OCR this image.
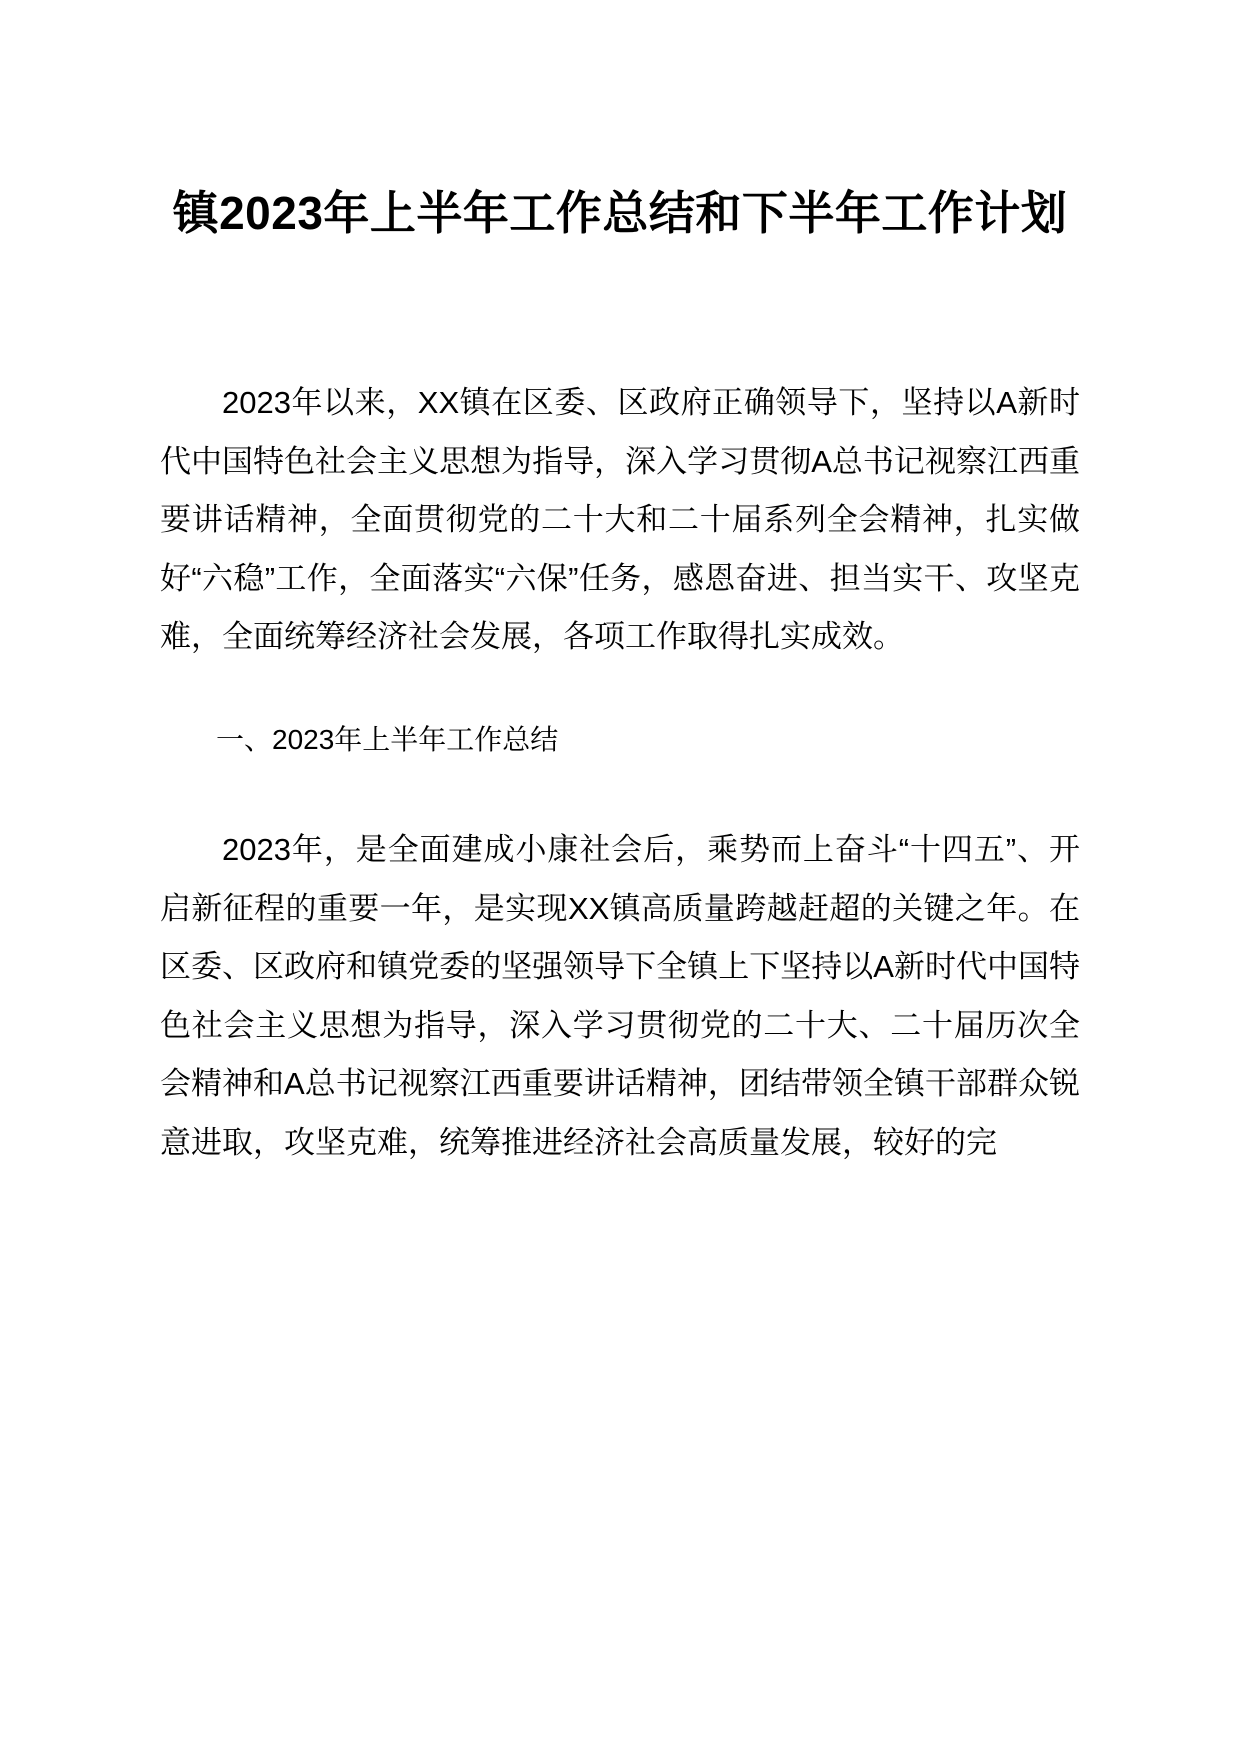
镇2023年上半年工作总结和下半年工作计划

2023年以来，XX镇在区委、区政府正确领导下，坚持以A新时代中国特色社会主义思想为指导，深入学习贯彻A总书记视察江西重要讲话精神，全面贯彻党的二十大和二十届系列全会精神，扎实做好“六稳”工作，全面落实“六保”任务，感恩奋进、担当实干、攻坚克难，全面统筹经济社会发展，各项工作取得扎实成效。

一、2023年上半年工作总结

2023年，是全面建成小康社会后，乘势而上奋斗“十四五”、开启新征程的重要一年，是实现XX镇高质量跨越赶超的关键之年。在区委、区政府和镇党委的坚强领导下全镇上下坚持以A新时代中国特色社会主义思想为指导，深入学习贯彻党的二十大、二十届历次全会精神和A总书记视察江西重要讲话精神，团结带领全镇干部群众锐意进取，攻坚克难，统筹推进经济社会高质量发展，较好的完
